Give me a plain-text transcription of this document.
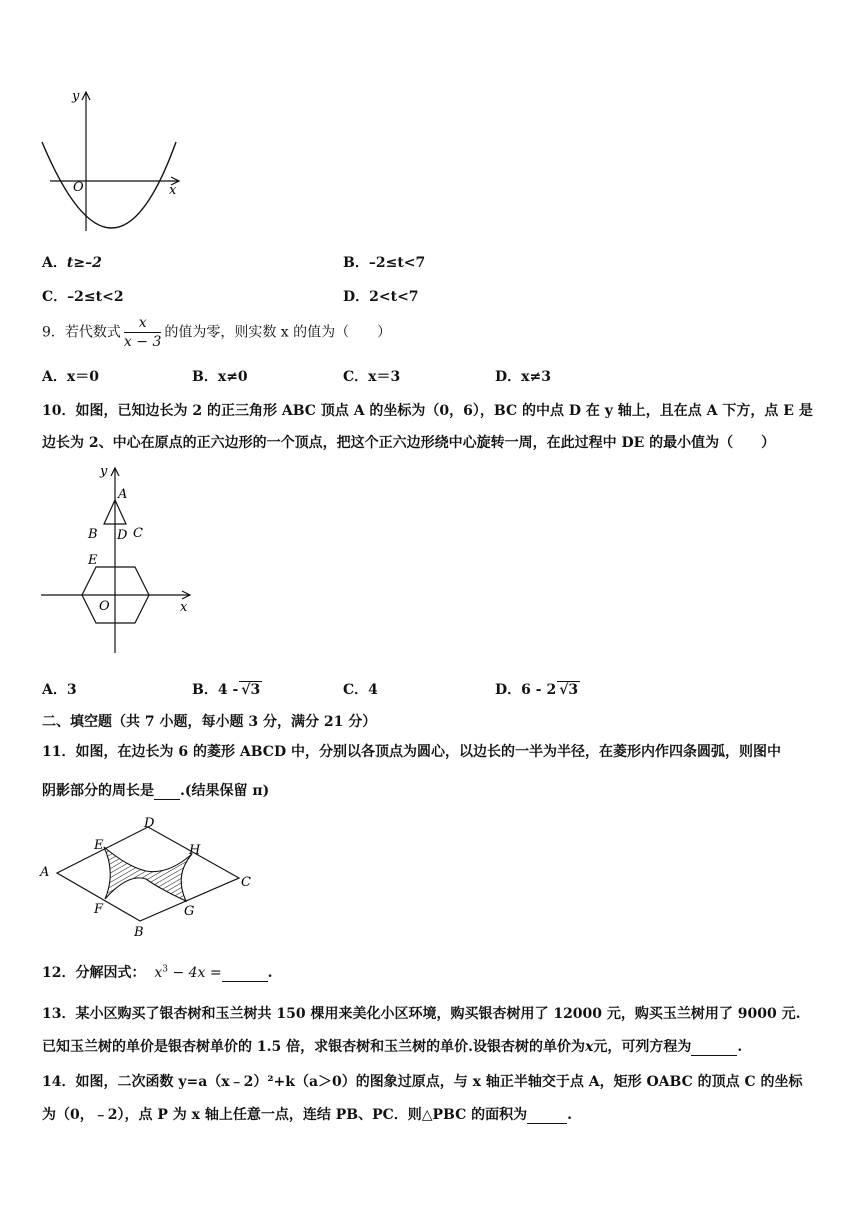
y
x
O
A．t≥–2	B．–2≤t<7
C．–2≤t<2	D．2<t<7
9．若代数式 $\frac{x}{x - 3}$ 的值为零，则实数 x 的值为（　　）
A．x＝0	B．x≠0	C．x＝3	D．x≠3
10．如图，已知边长为 2 的正三角形 ABC 顶点 A 的坐标为（0，6），BC 的中点 D 在 y 轴上，且在点 A 下方，点 E 是
边长为 2、中心在原点的正六边形的一个顶点，把这个正六边形绕中心旋转一周，在此过程中 DE 的最小值为（　　）
y
x
O
A
B	C
D
E
A．3	B．4 - √3	C．4	D．6 - 2 √3
二、填空题（共 7 小题，每小题 3 分，满分 21 分）
11．如图，在边长为 6 的菱形 ABCD 中，分别以各顶点为圆心，以边长的一半为半径，在菱形内作四条圆弧，则图中
阴影部分的周长是 .(结果保留 π)
A
B
C
D
E
F	G
H
12．分解因式： $x^3 - 4x$ =	.
13．某小区购买了银杏树和玉兰树共 150 棵用来美化小区环境，购买银杏树用了 12000 元，购买玉兰树用了 9000 元.
已知玉兰树的单价是银杏树单价的 1.5 倍，求银杏树和玉兰树的单价.设银杏树的单价为x元，可列方程为	.
14．如图，二次函数 y=a（x﹣2）²+k（a＞0）的图象过原点，与 x 轴正半轴交于点 A，矩形 OABC 的顶点 C 的坐标
为（0，﹣2），点 P 为 x 轴上任意一点，连结 PB、PC．则△PBC 的面积为	.
